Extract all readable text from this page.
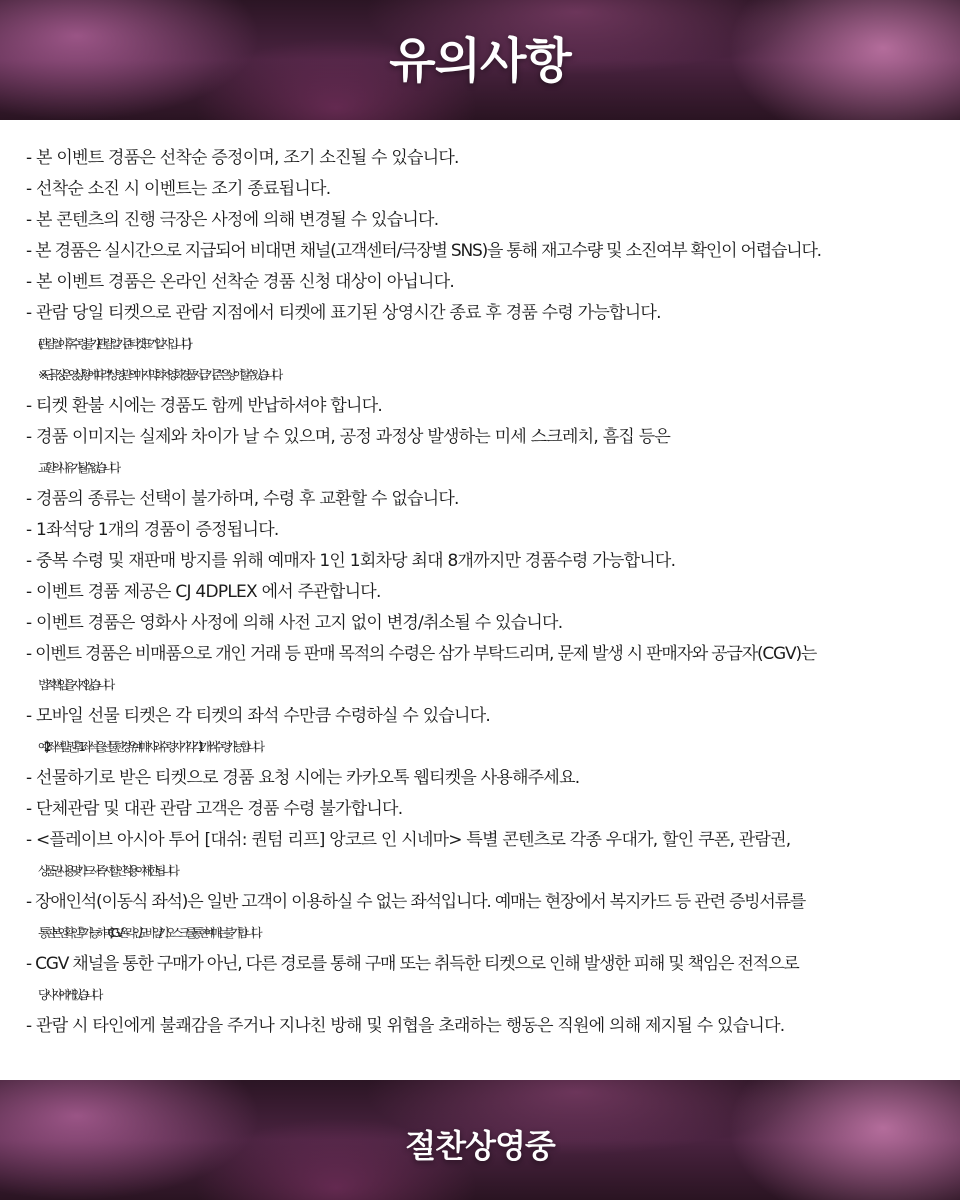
유의사항
- 본 이벤트 경품은 선착순 증정이며, 조기 소진될 수 있습니다.
- 선착순 소진 시 이벤트는 조기 종료됩니다.
- 본 콘텐츠의 진행 극장은 사정에 의해 변경될 수 있습니다.
- 본 경품은 실시간으로 지급되어 비대면 채널(고객센터/극장별 SNS)을 통해 재고수량 및 소진여부 확인이 어렵습니다.
- 본 이벤트 경품은 온라인 선착순 경품 신청 대상이 아닙니다.
- 관람 당일 티켓으로 관람 지점에서 티켓에 표기된 상영시간 종료 후 경품 수령 가능합니다.
(관람일 이후 수령 불가/관람일 기준 티켓 표기 일자입니다.)
※단, 극장 운영 상황에 따라 “상영관의 마지막 회차 영화 경품 지급 기준”은 상이할 수 있습니다.
- 티켓 환불 시에는 경품도 함께 반납하셔야 합니다.
- 경품 이미지는 실제와 차이가 날 수 있으며, 공정 과정상 발생하는 미세 스크레치, 흠집 등은
교환의 사유가 될 수 없습니다.
- 경품의 종류는 선택이 불가하며, 수령 후 교환할 수 없습니다.
- 1좌석당 1개의 경품이 증정됩니다.
- 중복 수령 및 재판매 방지를 위해 예매자 1인 1회차당 최대 8개까지만 경품수령 가능합니다.
- 이벤트 경품 제공은 CJ 4DPLEX 에서 주관합니다.
- 이벤트 경품은 영화사 사정에 의해 사전 고지 없이 변경/취소될 수 있습니다.
- 이벤트 경품은 비매품으로 개인 거래 등 판매 목적의 수령은 삼가 부탁드리며, 문제 발생 시 판매자와 공급자(CGV)는
법적 책임을 지지 않습니다.
- 모바일 선물 티켓은 각 티켓의 좌석 수만큼 수령하실 수 있습니다.
예) 2좌석 발권 후 1좌석을 선물한 경우, 예매자와 수령자가 각각 1개씩 수령 가능합니다.
- 선물하기로 받은 티켓으로 경품 요청 시에는 카카오톡 웹티켓을 사용해주세요.
- 단체관람 및 대관 관람 고객은 경품 수령 불가합니다.
- <플레이브 아시아 투어 [대쉬: 퀀텀 리프] 앙코르 인 시네마> 특별 콘텐츠로 각종 우대가, 할인 쿠폰, 관람권,
상품권 사용 및 카드사 즉시 할인 적용이 제한됩니다.
- 장애인석(이동식 좌석)은 일반 고객이 이용하실 수 없는 좌석입니다. 예매는 현장에서 복지카드 등 관련 증빙서류를
통한 본인 확인 후 가능하며, CGV 온라인/모바일/키오스크를 통한 예매는 불가합니다.
- CGV 채널을 통한 구매가 아닌, 다른 경로를 통해 구매 또는 취득한 티켓으로 인해 발생한 피해 및 책임은 전적으로
당사자에게 있습니다.
- 관람 시 타인에게 불쾌감을 주거나 지나친 방해 및 위협을 초래하는 행동은 직원에 의해 제지될 수 있습니다.
절찬상영중
